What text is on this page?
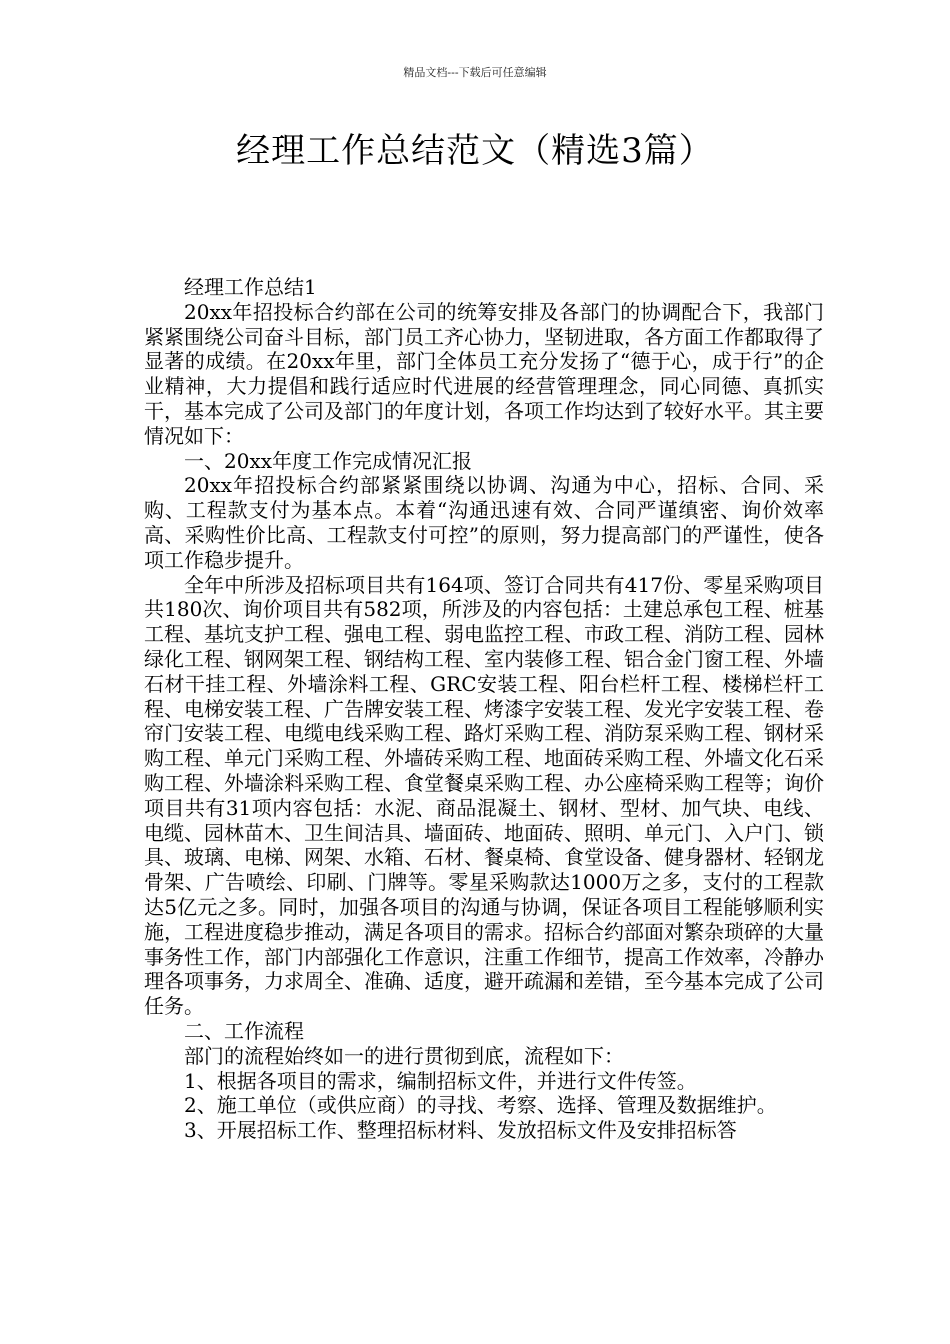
精品文档---下载后可任意编辑
经理工作总结范文（精选3篇）

经理工作总结1

20xx年招投标合约部在公司的统筹安排及各部门的协调配合下，我部门紧紧围绕公司奋斗目标，部门员工齐心协力，坚韧进取，各方面工作都取得了显著的成绩。在20xx年里，部门全体员工充分发扬了“德于心，成于行”的企业精神，大力提倡和践行适应时代进展的经营管理理念，同心同德、真抓实干，基本完成了公司及部门的年度计划，各项工作均达到了较好水平。其主要情况如下：

一、20xx年度工作完成情况汇报

20xx年招投标合约部紧紧围绕以协调、沟通为中心，招标、合同、采购、工程款支付为基本点。本着“沟通迅速有效、合同严谨缜密、询价效率高、采购性价比高、工程款支付可控”的原则，努力提高部门的严谨性，使各项工作稳步提升。

全年中所涉及招标项目共有164项、签订合同共有417份、零星采购项目共180次、询价项目共有582项，所涉及的内容包括：土建总承包工程、桩基工程、基坑支护工程、强电工程、弱电监控工程、市政工程、消防工程、园林绿化工程、钢网架工程、钢结构工程、室内装修工程、铝合金门窗工程、外墙石材干挂工程、外墙涂料工程、GRC安装工程、阳台栏杆工程、楼梯栏杆工程、电梯安装工程、广告牌安装工程、烤漆字安装工程、发光字安装工程、卷帘门安装工程、电缆电线采购工程、路灯采购工程、消防泵采购工程、钢材采购工程、单元门采购工程、外墙砖采购工程、地面砖采购工程、外墙文化石采购工程、外墙涂料采购工程、食堂餐桌采购工程、办公座椅采购工程等；询价项目共有31项内容包括：水泥、商品混凝土、钢材、型材、加气块、电线、电缆、园林苗木、卫生间洁具、墙面砖、地面砖、照明、单元门、入户门、锁具、玻璃、电梯、网架、水箱、石材、餐桌椅、食堂设备、健身器材、轻钢龙骨架、广告喷绘、印刷、门牌等。零星采购款达1000万之多，支付的工程款达5亿元之多。同时，加强各项目的沟通与协调，保证各项目工程能够顺利实施，工程进度稳步推动，满足各项目的需求。招标合约部面对繁杂琐碎的大量事务性工作，部门内部强化工作意识，注重工作细节，提高工作效率，冷静办理各项事务，力求周全、准确、适度，避开疏漏和差错，至今基本完成了公司任务。

二、工作流程

部门的流程始终如一的进行贯彻到底，流程如下：

1、根据各项目的需求，编制招标文件，并进行文件传签。

2、施工单位（或供应商）的寻找、考察、选择、管理及数据维护。

3、开展招标工作、整理招标材料、发放招标文件及安排招标答
